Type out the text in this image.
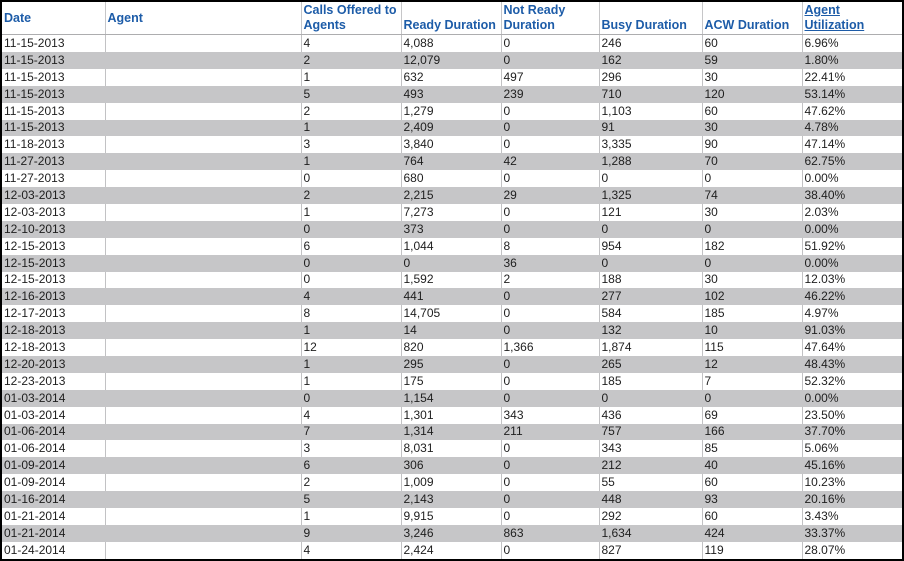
Date	Agent	Calls Offered to Agents	Ready Duration	Not Ready Duration	Busy Duration	ACW Duration	Agent Utilization
11-15-2013		4	4,088	0	246	60	6.96%
11-15-2013		2	12,079	0	162	59	1.80%
11-15-2013		1	632	497	296	30	22.41%
11-15-2013		5	493	239	710	120	53.14%
11-15-2013		2	1,279	0	1,103	60	47.62%
11-15-2013		1	2,409	0	91	30	4.78%
11-18-2013		3	3,840	0	3,335	90	47.14%
11-27-2013		1	764	42	1,288	70	62.75%
11-27-2013		0	680	0	0	0	0.00%
12-03-2013		2	2,215	29	1,325	74	38.40%
12-03-2013		1	7,273	0	121	30	2.03%
12-10-2013		0	373	0	0	0	0.00%
12-15-2013		6	1,044	8	954	182	51.92%
12-15-2013		0	0	36	0	0	0.00%
12-15-2013		0	1,592	2	188	30	12.03%
12-16-2013		4	441	0	277	102	46.22%
12-17-2013		8	14,705	0	584	185	4.97%
12-18-2013		1	14	0	132	10	91.03%
12-18-2013		12	820	1,366	1,874	115	47.64%
12-20-2013		1	295	0	265	12	48.43%
12-23-2013		1	175	0	185	7	52.32%
01-03-2014		0	1,154	0	0	0	0.00%
01-03-2014		4	1,301	343	436	69	23.50%
01-06-2014		7	1,314	211	757	166	37.70%
01-06-2014		3	8,031	0	343	85	5.06%
01-09-2014		6	306	0	212	40	45.16%
01-09-2014		2	1,009	0	55	60	10.23%
01-16-2014		5	2,143	0	448	93	20.16%
01-21-2014		1	9,915	0	292	60	3.43%
01-21-2014		9	3,246	863	1,634	424	33.37%
01-24-2014		4	2,424	0	827	119	28.07%
